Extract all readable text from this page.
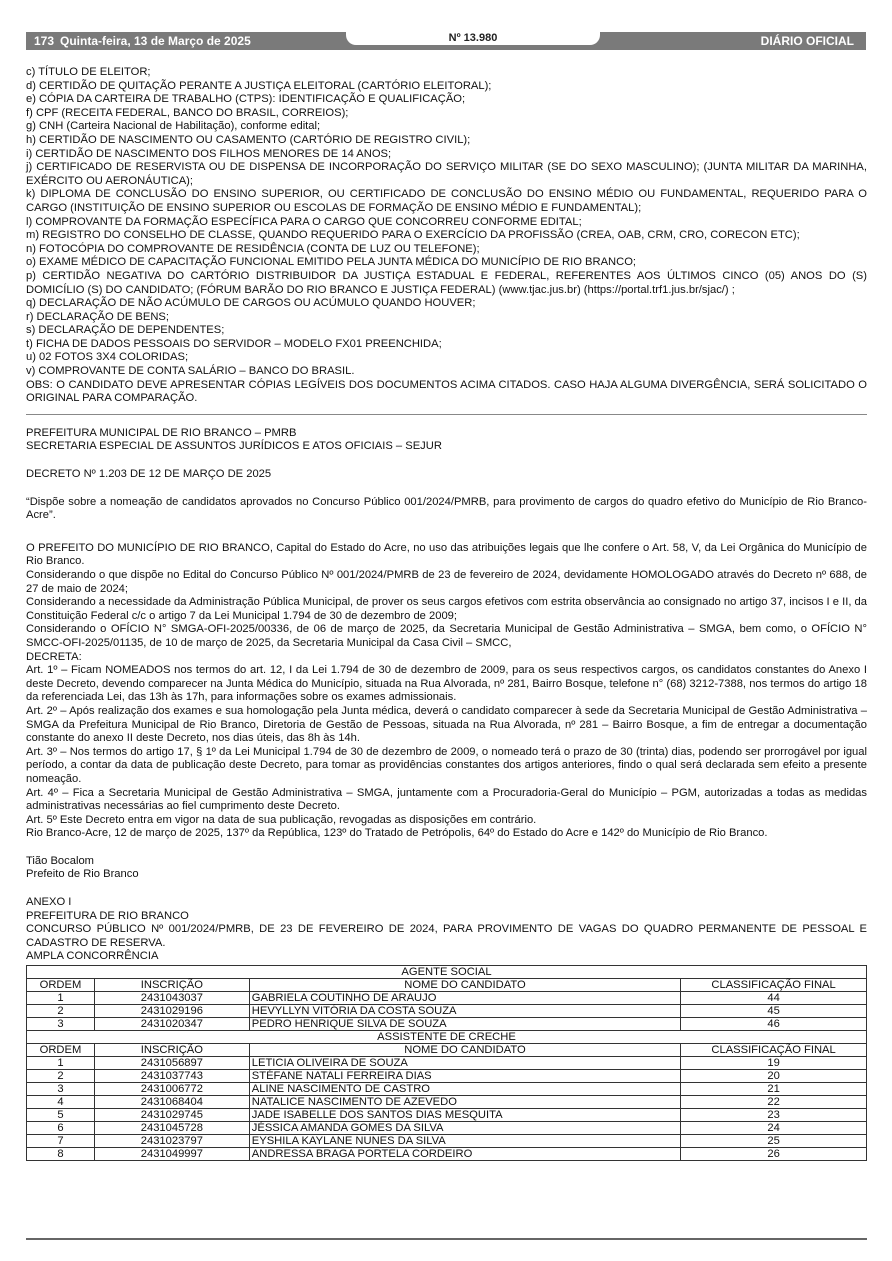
173 Quinta-feira, 13 de Março de 2025	Nº 13.980	DIÁRIO OFICIAL

c) TÍTULO DE ELEITOR;

d) CERTIDÃO DE QUITAÇÃO PERANTE A JUSTIÇA ELEITORAL (CARTÓRIO ELEITORAL);

e) CÓPIA DA CARTEIRA DE TRABALHO (CTPS): IDENTIFICAÇÃO E QUALIFICAÇÃO;

f) CPF (RECEITA FEDERAL, BANCO DO BRASIL, CORREIOS);

g) CNH (Carteira Nacional de Habilitação), conforme edital;

h) CERTIDÃO DE NASCIMENTO OU CASAMENTO (CARTÓRIO DE REGISTRO CIVIL);

i) CERTIDÃO DE NASCIMENTO DOS FILHOS MENORES DE 14 ANOS;

j) CERTIFICADO DE RESERVISTA OU DE DISPENSA DE INCORPORAÇÃO DO SERVIÇO MILITAR (SE DO SEXO MASCULINO); (JUNTA MILITAR DA MARINHA, EXÉRCITO OU AERONÁUTICA);

k) DIPLOMA DE CONCLUSÃO DO ENSINO SUPERIOR, OU CERTIFICADO DE CONCLUSÃO DO ENSINO MÉDIO OU FUNDAMENTAL, REQUERIDO PARA O CARGO (INSTITUIÇÃO DE ENSINO SUPERIOR OU ESCOLAS DE FORMAÇÃO DE ENSINO MÉDIO E FUNDAMENTAL);

l) COMPROVANTE DA FORMAÇÃO ESPECÍFICA PARA O CARGO QUE CONCORREU CONFORME EDITAL;

m) REGISTRO DO CONSELHO DE CLASSE, QUANDO REQUERIDO PARA O EXERCÍCIO DA PROFISSÃO (CREA, OAB, CRM, CRO, CORECON ETC);

n) FOTOCÓPIA DO COMPROVANTE DE RESIDÊNCIA (CONTA DE LUZ OU TELEFONE);

o) EXAME MÉDICO DE CAPACITAÇÃO FUNCIONAL EMITIDO PELA JUNTA MÉDICA DO MUNICÍPIO DE RIO BRANCO;

p) CERTIDÃO NEGATIVA DO CARTÓRIO DISTRIBUIDOR DA JUSTIÇA ESTADUAL E FEDERAL, REFERENTES AOS ÚLTIMOS CINCO (05) ANOS DO (S) DOMICÍLIO (S) DO CANDIDATO; (FÓRUM BARÃO DO RIO BRANCO E JUSTIÇA FEDERAL) (www.tjac.jus.br) (https://portal.trf1.jus.br/sjac/) ;

q) DECLARAÇÃO DE NÃO ACÚMULO DE CARGOS OU ACÚMULO QUANDO HOUVER;

r) DECLARAÇÃO DE BENS;

s) DECLARAÇÃO DE DEPENDENTES;

t) FICHA DE DADOS PESSOAIS DO SERVIDOR – MODELO FX01 PREENCHIDA;

u) 02 FOTOS 3X4 COLORIDAS;

v) COMPROVANTE DE CONTA SALÁRIO – BANCO DO BRASIL.

OBS: O CANDIDATO DEVE APRESENTAR CÓPIAS LEGÍVEIS DOS DOCUMENTOS ACIMA CITADOS. CASO HAJA ALGUMA DIVERGÊNCIA, SERÁ SOLICITADO O ORIGINAL PARA COMPARAÇÃO.

PREFEITURA MUNICIPAL DE RIO BRANCO – PMRB

SECRETARIA ESPECIAL DE ASSUNTOS JURÍDICOS E ATOS OFICIAIS – SEJUR

DECRETO Nº 1.203 DE 12 DE MARÇO DE 2025

“Dispõe sobre a nomeação de candidatos aprovados no Concurso Público 001/2024/PMRB, para provimento de cargos do quadro efetivo do Município de Rio Branco-Acre”.

O PREFEITO DO MUNICÍPIO DE RIO BRANCO, Capital do Estado do Acre, no uso das atribuições legais que lhe confere o Art. 58, V, da Lei Orgânica do Município de Rio Branco.

Considerando o que dispõe no Edital do Concurso Público Nº 001/2024/PMRB de 23 de fevereiro de 2024, devidamente HOMOLOGADO através do Decreto nº 688, de 27 de maio de 2024;

Considerando a necessidade da Administração Pública Municipal, de prover os seus cargos efetivos com estrita observância ao consignado no artigo 37, incisos I e II, da Constituição Federal c/c o artigo 7 da Lei Municipal 1.794 de 30 de dezembro de 2009;

Considerando o OFÍCIO N° SMGA-OFI-2025/00336, de 06 de março de 2025, da Secretaria Municipal de Gestão Administrativa – SMGA, bem como, o OFÍCIO N° SMCC-OFI-2025/01135, de 10 de março de 2025, da Secretaria Municipal da Casa Civil – SMCC,

DECRETA:

Art. 1º – Ficam NOMEADOS nos termos do art. 12, I da Lei 1.794 de 30 de dezembro de 2009, para os seus respectivos cargos, os candidatos constantes do Anexo I deste Decreto, devendo comparecer na Junta Médica do Município, situada na Rua Alvorada, nº 281, Bairro Bosque, telefone n° (68) 3212-7388, nos termos do artigo 18 da referenciada Lei, das 13h às 17h, para informações sobre os exames admissionais.

Art. 2º – Após realização dos exames e sua homologação pela Junta médica, deverá o candidato comparecer à sede da Secretaria Municipal de Gestão Administrativa – SMGA da Prefeitura Municipal de Rio Branco, Diretoria de Gestão de Pessoas, situada na Rua Alvorada, nº 281 – Bairro Bosque, a fim de entregar a documentação constante do anexo II deste Decreto, nos dias úteis, das 8h às 14h.

Art. 3º – Nos termos do artigo 17, § 1º da Lei Municipal 1.794 de 30 de dezembro de 2009, o nomeado terá o prazo de 30 (trinta) dias, podendo ser prorrogável por igual período, a contar da data de publicação deste Decreto, para tomar as providências constantes dos artigos anteriores, findo o qual será declarada sem efeito a presente nomeação.

Art. 4º – Fica a Secretaria Municipal de Gestão Administrativa – SMGA, juntamente com a Procuradoria-Geral do Município – PGM, autorizadas a todas as medidas administrativas necessárias ao fiel cumprimento deste Decreto.

Art. 5º Este Decreto entra em vigor na data de sua publicação, revogadas as disposições em contrário.

Rio Branco-Acre, 12 de março de 2025, 137º da República, 123º do Tratado de Petrópolis, 64º do Estado do Acre e 142º do Município de Rio Branco.

Tião Bocalom

Prefeito de Rio Branco

ANEXO I

PREFEITURA DE RIO BRANCO

CONCURSO PÚBLICO Nº 001/2024/PMRB, DE 23 DE FEVEREIRO DE 2024, PARA PROVIMENTO DE VAGAS DO QUADRO PERMANENTE DE PESSOAL E CADASTRO DE RESERVA.

AMPLA CONCORRÊNCIA

AGENTE SOCIAL			
ORDEM	INSCRIÇÃO	NOME DO CANDIDATO	CLASSIFICAÇÃO FINAL
1	2431043037	GABRIELA COUTINHO DE ARAUJO	44
2	2431029196	HEVYLLYN VITÓRIA DA COSTA SOUZA	45
3	2431020347	PEDRO HENRIQUE SILVA DE SOUZA	46
ASSISTENTE DE CRECHE			
ORDEM	INSCRIÇÃO	NOME DO CANDIDATO	CLASSIFICAÇÃO FINAL
1	2431056897	LETICIA OLIVEIRA DE SOUZA	19
2	2431037743	STÉFANE NATALI FERREIRA DIAS	20
3	2431006772	ALINE NASCIMENTO DE CASTRO	21
4	2431068404	NATALICE NASCIMENTO DE AZEVEDO	22
5	2431029745	JADE ISABELLE DOS SANTOS DIAS MESQUITA	23
6	2431045728	JÉSSICA AMANDA GOMES DA SILVA	24
7	2431023797	EYSHILA KAYLANE NUNES DA SILVA	25
8	2431049997	ANDRESSA BRAGA PORTELA CORDEIRO	26
